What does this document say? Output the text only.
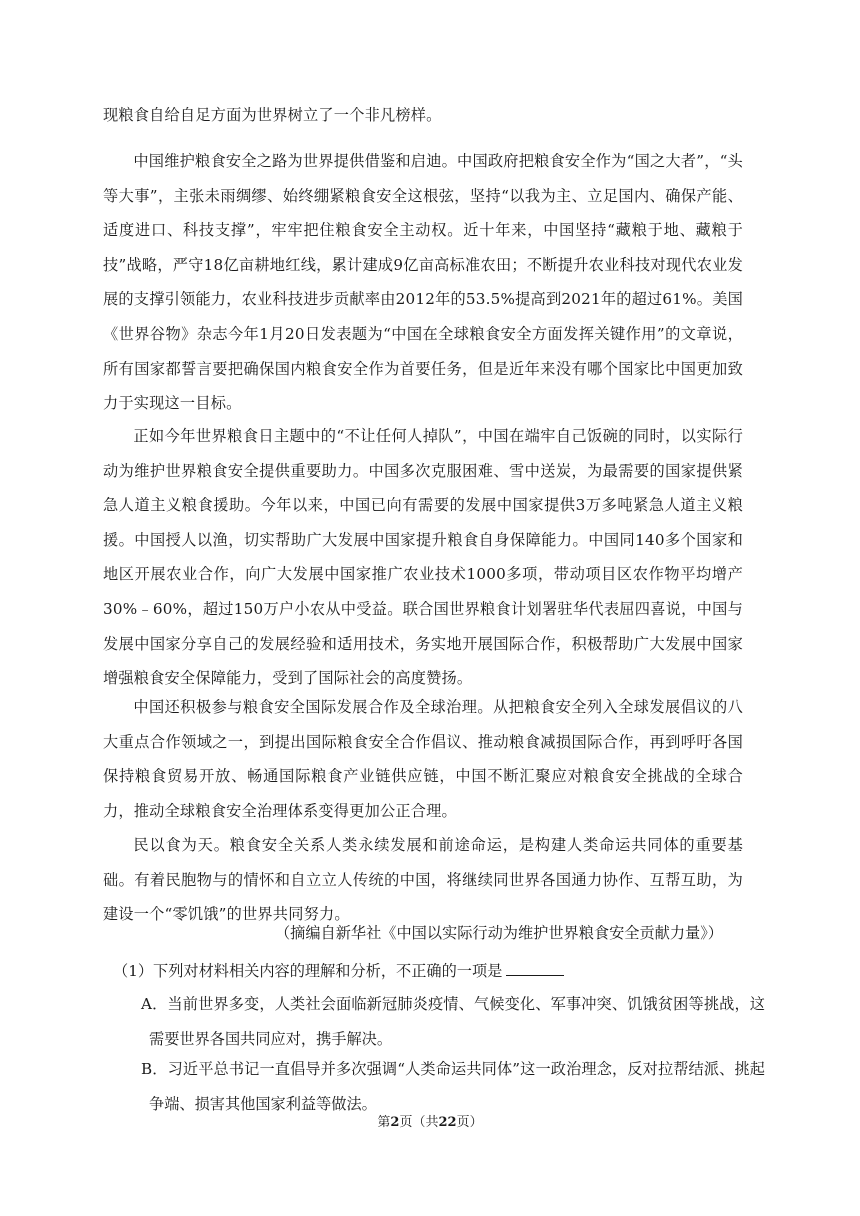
现粮食自给自足方面为世界树立了一个非凡榜样。

中国维护粮食安全之路为世界提供借鉴和启迪。中国政府把粮食安全作为“国之大者”，“头等大事”，主张未雨绸缪、始终绷紧粮食安全这根弦，坚持“以我为主、立足国内、确保产能、适度进口、科技支撑”，牢牢把住粮食安全主动权。近十年来，中国坚持“藏粮于地、藏粮于技”战略，严守18亿亩耕地红线，累计建成9亿亩高标准农田；不断提升农业科技对现代农业发展的支撑引领能力，农业科技进步贡献率由2012年的53.5%提高到2021年的超过61%。美国《世界谷物》杂志今年1月20日发表题为“中国在全球粮食安全方面发挥关键作用”的文章说，所有国家都誓言要把确保国内粮食安全作为首要任务，但是近年来没有哪个国家比中国更加致力于实现这一目标。

正如今年世界粮食日主题中的“不让任何人掉队”，中国在端牢自己饭碗的同时，以实际行动为维护世界粮食安全提供重要助力。中国多次克服困难、雪中送炭，为最需要的国家提供紧急人道主义粮食援助。今年以来，中国已向有需要的发展中国家提供3万多吨紧急人道主义粮援。中国授人以渔，切实帮助广大发展中国家提升粮食自身保障能力。中国同140多个国家和地区开展农业合作，向广大发展中国家推广农业技术1000多项，带动项目区农作物平均增产30%﹣60%，超过150万户小农从中受益。联合国世界粮食计划署驻华代表屈四喜说，中国与发展中国家分享自己的发展经验和适用技术，务实地开展国际合作，积极帮助广大发展中国家增强粮食安全保障能力，受到了国际社会的高度赞扬。

中国还积极参与粮食安全国际发展合作及全球治理。从把粮食安全列入全球发展倡议的八大重点合作领域之一，到提出国际粮食安全合作倡议、推动粮食减损国际合作，再到呼吁各国保持粮食贸易开放、畅通国际粮食产业链供应链，中国不断汇聚应对粮食安全挑战的全球合力，推动全球粮食安全治理体系变得更加公正合理。

民以食为天。粮食安全关系人类永续发展和前途命运，是构建人类命运共同体的重要基础。有着民胞物与的情怀和自立立人传统的中国，将继续同世界各国通力协作、互帮互助，为建设一个“零饥饿”的世界共同努力。

（摘编自新华社《中国以实际行动为维护世界粮食安全贡献力量》）
（1）下列对材料相关内容的理解和分析，不正确的一项是

A．当前世界多变，人类社会面临新冠肺炎疫情、气候变化、军事冲突、饥饿贫困等挑战，这需要世界各国共同应对，携手解决。

B．习近平总书记一直倡导并多次强调“人类命运共同体”这一政治理念，反对拉帮结派、挑起争端、损害其他国家利益等做法。

第2页（共22页）
